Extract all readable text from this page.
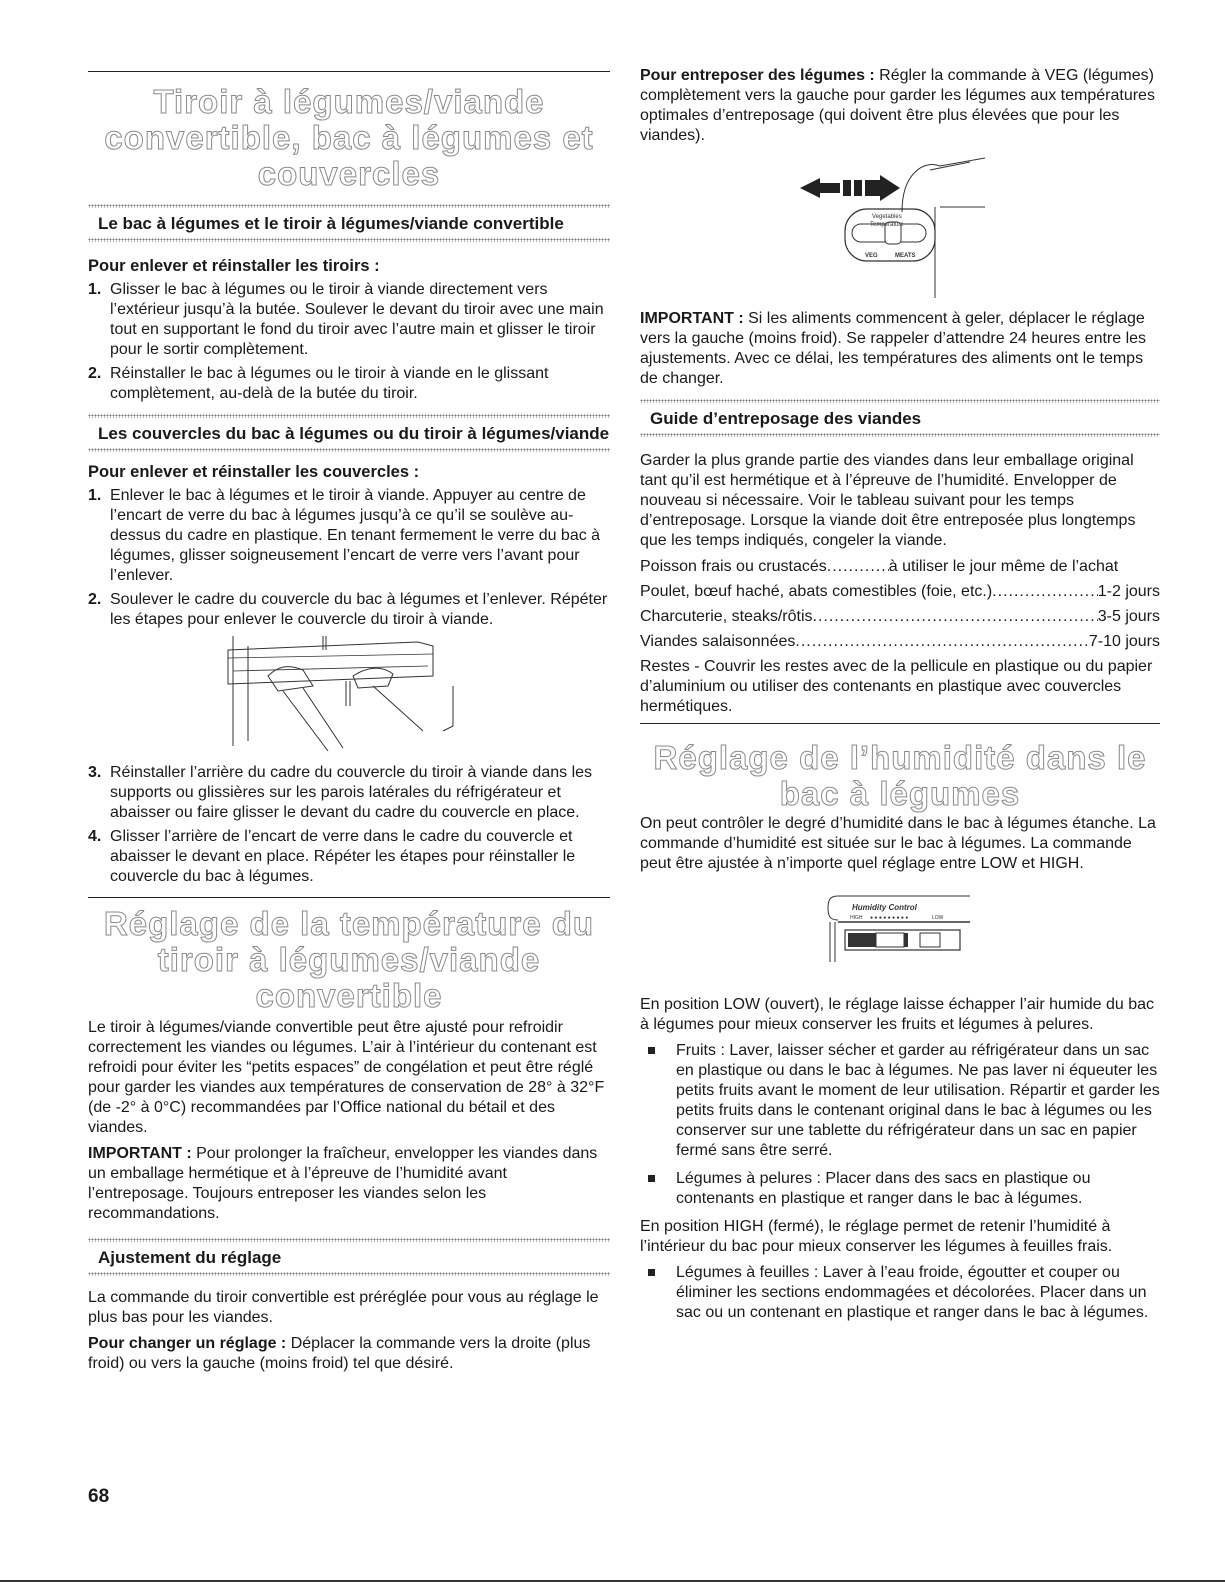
Tiroir à légumes/viande convertible, bac à légumes et couvercles
Le bac à légumes et le tiroir à légumes/viande convertible
Pour enlever et réinstaller les tiroirs :
1. Glisser le bac à légumes ou le tiroir à viande directement vers l’extérieur jusqu’à la butée. Soulever le devant du tiroir avec une main tout en supportant le fond du tiroir avec l’autre main et glisser le tiroir pour le sortir complètement.
2. Réinstaller le bac à légumes ou le tiroir à viande en le glissant complètement, au-delà de la butée du tiroir.
Les couvercles du bac à légumes ou du tiroir à légumes/viande
Pour enlever et réinstaller les couvercles :
1. Enlever le bac à légumes et le tiroir à viande. Appuyer au centre de l’encart de verre du bac à légumes jusqu’à ce qu’il se soulève au-dessus du cadre en plastique. En tenant fermement le verre du bac à légumes, glisser soigneusement l’encart de verre vers l’avant pour l’enlever.
2. Soulever le cadre du couvercle du bac à légumes et l’enlever. Répéter les étapes pour enlever le couvercle du tiroir à viande.
3. Réinstaller l’arrière du cadre du couvercle du tiroir à viande dans les supports ou glissières sur les parois latérales du réfrigérateur et abaisser ou faire glisser le devant du cadre du couvercle en place.
4. Glisser l’arrière de l’encart de verre dans le cadre du couvercle et abaisser le devant en place. Répéter les étapes pour réinstaller le couvercle du bac à légumes.
Réglage de la température du tiroir à légumes/viande convertible

Le tiroir à légumes/viande convertible peut être ajusté pour refroidir correctement les viandes ou légumes. L’air à l’intérieur du contenant est refroidi pour éviter les “petits espaces” de congélation et peut être réglé pour garder les viandes aux températures de conservation de 28° à 32°F (de -2° à 0°C) recommandées par l’Office national du bétail et des viandes.

IMPORTANT : Pour prolonger la fraîcheur, envelopper les viandes dans un emballage hermétique et à l’épreuve de l’humidité avant l’entreposage. Toujours entreposer les viandes selon les recommandations.

Ajustement du réglage

La commande du tiroir convertible est préréglée pour vous au réglage le plus bas pour les viandes.

Pour changer un réglage : Déplacer la commande vers la droite (plus froid) ou vers la gauche (moins froid) tel que désiré.

Pour entreposer des légumes : Régler la commande à VEG (légumes) complètement vers la gauche pour garder les légumes aux températures optimales d’entreposage (qui doivent être plus élevées que pour les viandes).

Vegetables
Temperature
VEG	MEATS

IMPORTANT : Si les aliments commencent à geler, déplacer le réglage vers la gauche (moins froid). Se rappeler d’attendre 24 heures entre les ajustements. Avec ce délai, les températures des aliments ont le temps de changer.

Guide d’entreposage des viandes

Garder la plus grande partie des viandes dans leur emballage original tant qu’il est hermétique et à l’épreuve de l’humidité. Envelopper de nouveau si nécessaire. Voir le tableau suivant pour les temps d’entreposage. Lorsque la viande doit être entreposée plus longtemps que les temps indiqués, congeler la viande.

Poisson frais ou crustacés .....	à utiliser le jour même de l’achat
Poulet, bœuf haché, abats comestibles (foie, etc.) .....	1-2 jours
Charcuterie, steaks/rôtis .....	3-5 jours
Viandes salaisonnées .....	7-10 jours

Restes - Couvrir les restes avec de la pellicule en plastique ou du papier d’aluminium ou utiliser des contenants en plastique avec couvercles hermétiques.

Réglage de l’humidité dans le bac à légumes

On peut contrôler le degré d’humidité dans le bac à légumes étanche. La commande d’humidité est située sur le bac à légumes. La commande peut être ajustée à n’importe quel réglage entre LOW et HIGH.

Humidity Control
HIGH ● ● ● ● ● ● ● ● ●	LOW

En position LOW (ouvert), le réglage laisse échapper l’air humide du bac à légumes pour mieux conserver les fruits et légumes à pelures.

Fruits : Laver, laisser sécher et garder au réfrigérateur dans un sac en plastique ou dans le bac à légumes. Ne pas laver ni équeuter les petits fruits avant le moment de leur utilisation. Répartir et garder les petits fruits dans le contenant original dans le bac à légumes ou les conserver sur une tablette du réfrigérateur dans un sac en papier fermé sans être serré.
Légumes à pelures : Placer dans des sacs en plastique ou contenants en plastique et ranger dans le bac à légumes.

En position HIGH (fermé), le réglage permet de retenir l’humidité à l’intérieur du bac pour mieux conserver les légumes à feuilles frais.

Légumes à feuilles : Laver à l’eau froide, égoutter et couper ou éliminer les sections endommagées et décolorées. Placer dans un sac ou un contenant en plastique et ranger dans le bac à légumes.
68
